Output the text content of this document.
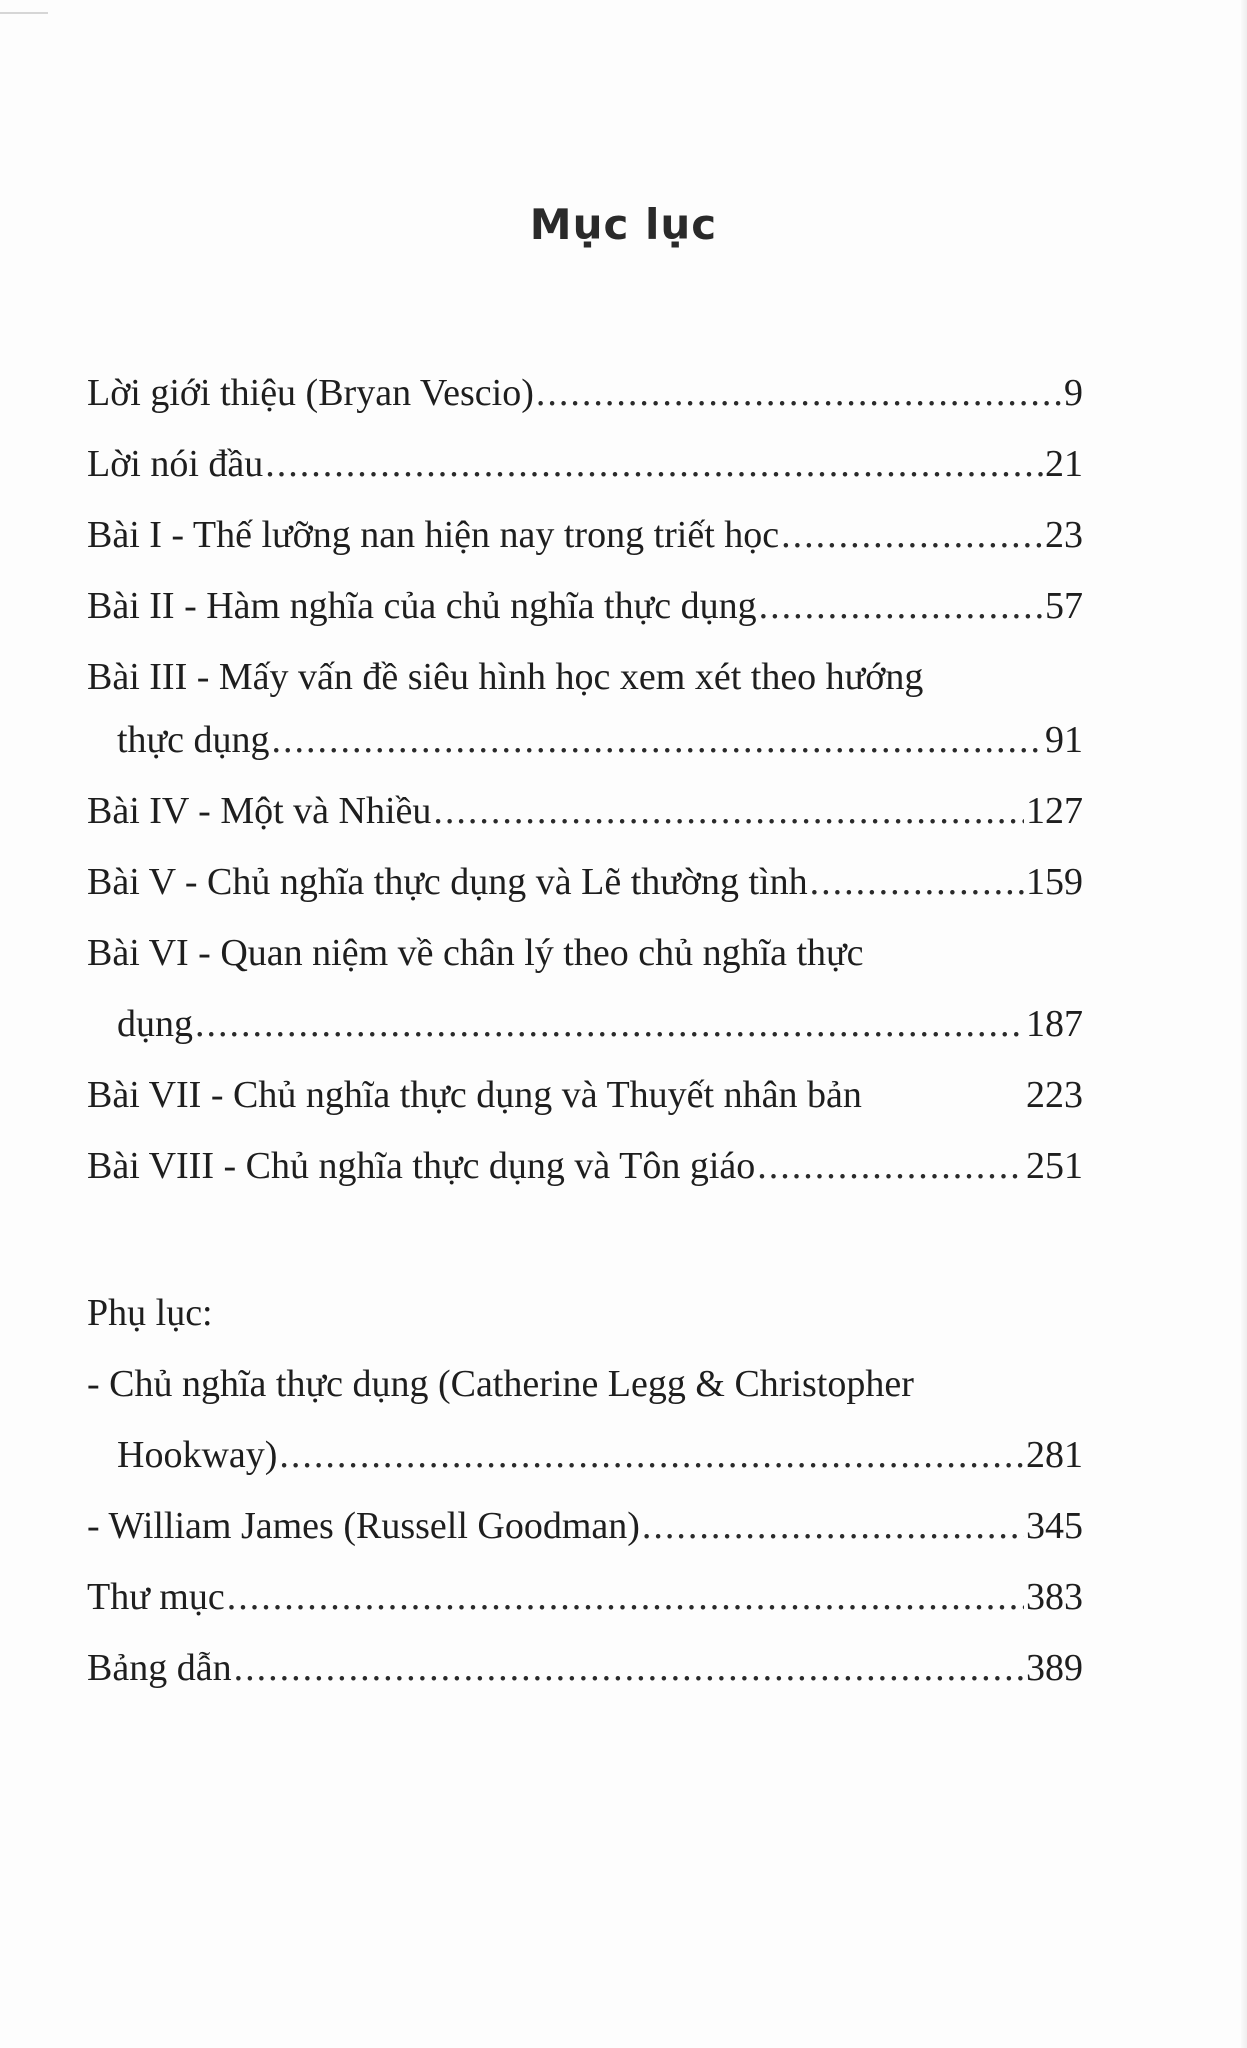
Mục lục
Lời giới thiệu (Bryan Vescio) .....	9
Lời nói đầu .....	21
Bài I - Thế lưỡng nan hiện nay trong triết học .....	23
Bài II - Hàm nghĩa của chủ nghĩa thực dụng .....	57
Bài III - Mấy vấn đề siêu hình học xem xét theo hướng
thực dụng .....	91
Bài IV - Một và Nhiều .....	127
Bài V - Chủ nghĩa thực dụng và Lẽ thường tình .....	159
Bài VI - Quan niệm về chân lý theo chủ nghĩa thực
dụng .....	187
Bài VII - Chủ nghĩa thực dụng và Thuyết nhân bản	223
Bài VIII - Chủ nghĩa thực dụng và Tôn giáo .....	251
Phụ lục:
- Chủ nghĩa thực dụng (Catherine Legg & Christopher
Hookway) .....	281
- William James (Russell Goodman) .....	345
Thư mục .....	383
Bảng dẫn .....	389
